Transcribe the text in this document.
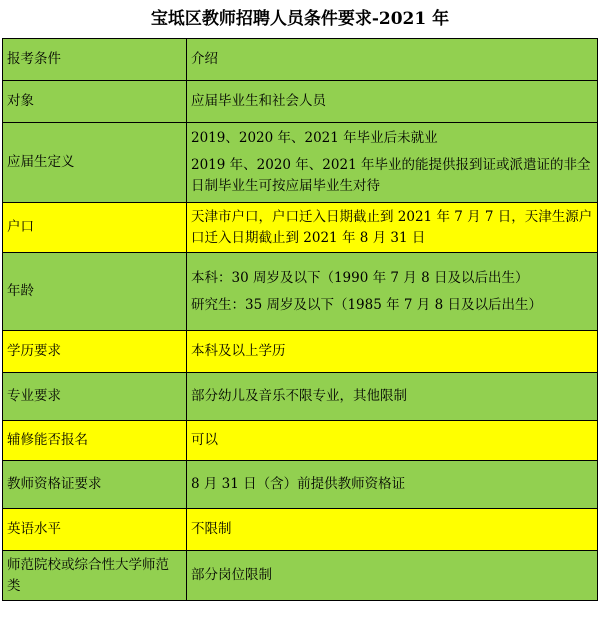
宝坻区教师招聘人员条件要求-2021 年
报考条件	介绍
对象	应届毕业生和社会人员

应届生定义	2019、2020 年、2021 年毕业后未就业
2019 年、2020 年、2021 年毕业的能提供报到证或派遣证的非全日制毕业生可按应届毕业生对待

户口	天津市户口，户口迁入日期截止到 2021 年 7 月 7 日，天津生源户口迁入日期截止到 2021 年 8 月 31 日

年龄	本科：30 周岁及以下（1990 年 7 月 8 日及以后出生）
研究生：35 周岁及以下（1985 年 7 月 8 日及以后出生）

学历要求	本科及以上学历

专业要求	部分幼儿及音乐不限专业，其他限制

辅修能否报名	可以

教师资格证要求	8 月 31 日（含）前提供教师资格证

英语水平	不限制

师范院校或综合性大学师范类	部分岗位限制
